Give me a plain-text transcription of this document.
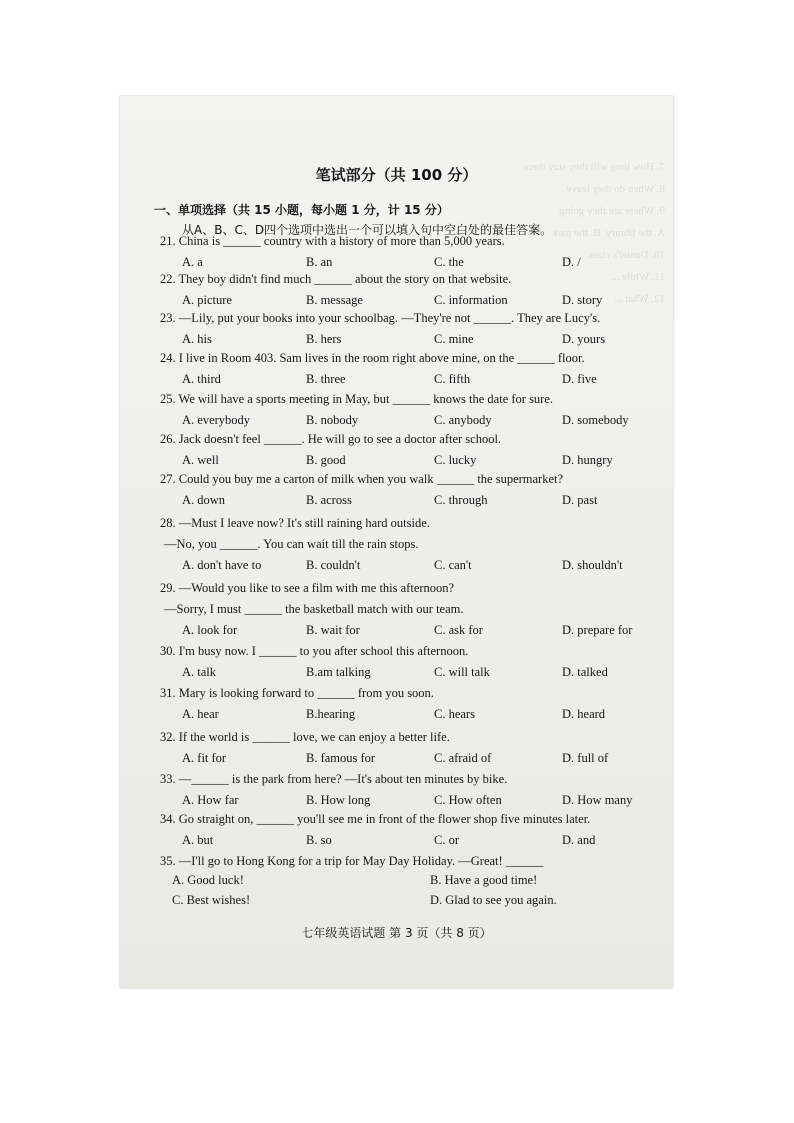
7. How long will they stay there
8. When do they leave
9. Where are they going
A. the library  B. the park
10. Daniel's class
11. While ...
12. What ...
笔试部分（共 100 分）
一、单项选择（共 15 小题，每小题 1 分，计 15 分）
从A、B、C、D四个选项中选出一个可以填入句中空白处的最佳答案。
21. China is ______ country with a history of more than 5,000 years.
A. a	B. an	C. the	D. /
22. They boy didn't find much ______ about the story on that website.
A. picture	B. message	C. information	D. story
23. —Lily, put your books into your schoolbag. —They're not ______. They are Lucy's.
A. his	B. hers	C. mine	D. yours
24. I live in Room 403. Sam lives in the room right above mine, on the ______ floor.
A. third	B. three	C. fifth	D. five
25. We will have a sports meeting in May, but ______ knows the date for sure.
A. everybody	B. nobody	C. anybody	D. somebody
26. Jack doesn't feel ______. He will go to see a doctor after school.
A. well	B. good	C. lucky	D. hungry
27. Could you buy me a carton of milk when you walk ______ the supermarket?
A. down	B. across	C. through	D. past
28. —Must I leave now? It's still raining hard outside.
—No, you ______. You can wait till the rain stops.
A. don't have to	B. couldn't	C. can't	D. shouldn't
29. —Would you like to see a film with me this afternoon?
—Sorry, I must ______ the basketball match with our team.
A. look for	B. wait for	C. ask for	D. prepare for
30. I'm busy now. I ______ to you after school this afternoon.
A. talk	B.am talking	C. will talk	D. talked
31. Mary is looking forward to ______ from you soon.
A. hear	B.hearing	C. hears	D. heard
32. If the world is ______ love, we can enjoy a better life.
A. fit for	B. famous for	C. afraid of	D. full of
33. —______ is the park from here? —It's about ten minutes by bike.
A. How far	B. How long	C. How often	D. How many
34. Go straight on, ______ you'll see me in front of the flower shop five minutes later.
A. but	B. so	C. or	D. and
35. —I'll go to Hong Kong for a trip for May Day Holiday. —Great! ______
A. Good luck!	B. Have a good time!
C. Best wishes!	D. Glad to see you again.
七年级英语试题 第 3 页（共 8 页）
